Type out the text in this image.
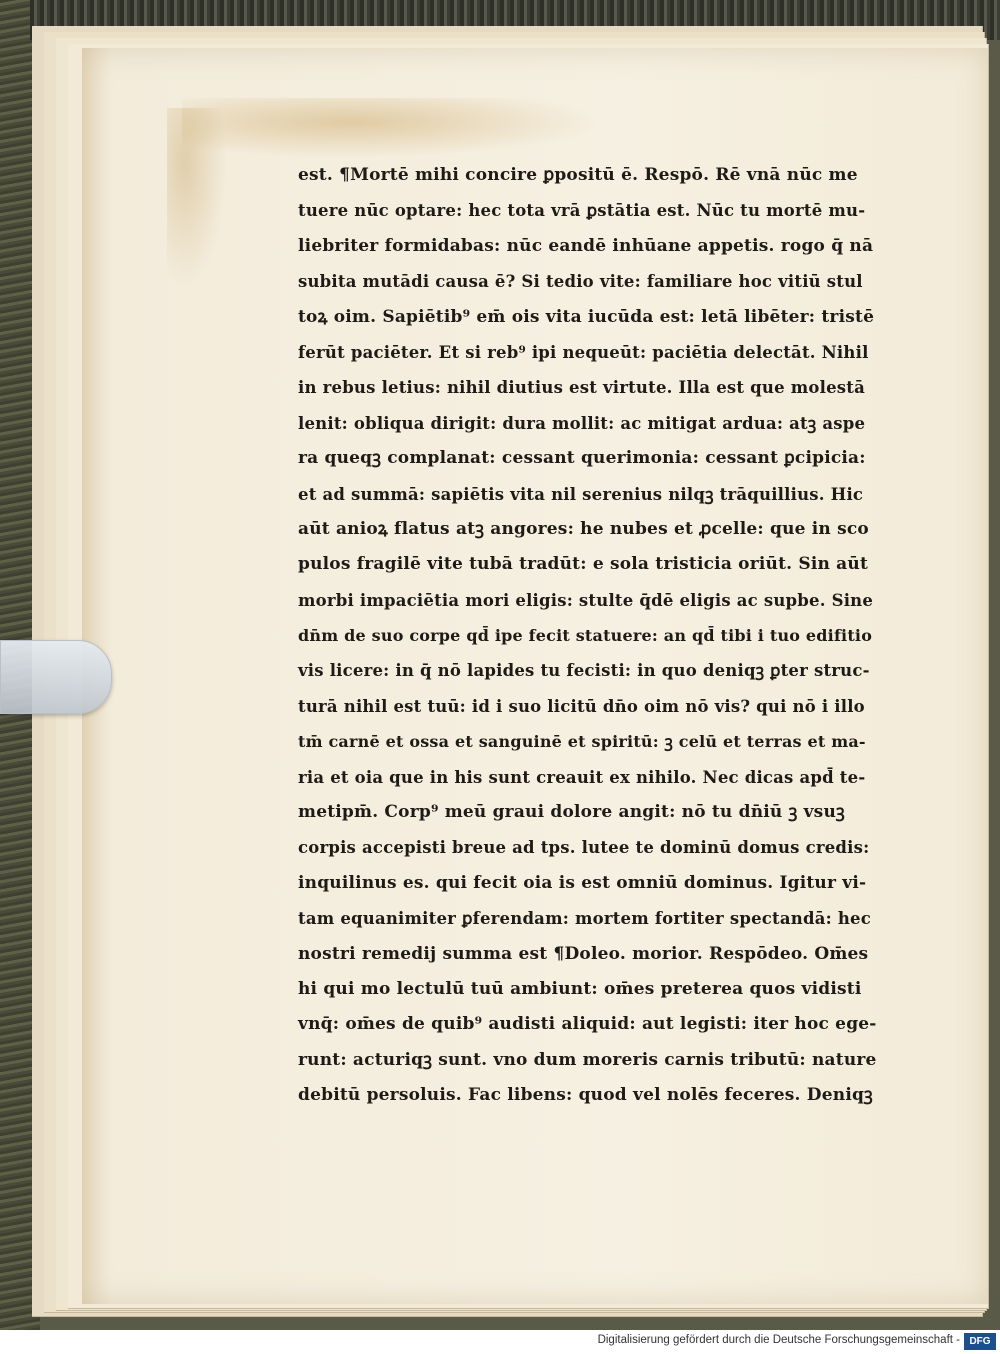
est. ¶Mortē mihi concire ꝑpositū ē. Respō. Rē vnā nūc me
tuere nūc optare: hec tota vrā ꝑstātia est. Nūc tu mortē mu-
liebriter formidabas: nūc eandē inhūane appetis. rogo q̄ nā
subita mutādi causa ē? Si tedio vite: familiare hoc vitiū stul
toꝝ oim. Sapiētib⁹ em̄ ois vita iucūda est: letā libēter: tristē
ferūt paciēter. Et si reb⁹ ipi nequeūt: paciētia delectāt. Nihil
in rebus letius: nihil diutius est virtute. Illa est que molestā
lenit: obliqua dirigit: dura mollit: ac mitigat ardua: atꝫ aspe
ra queqꝫ complanat: cessant querimonia: cessant ꝑcipicia:
et ad summā: sapiētis vita nil serenius nilqꝫ trāquillius. Hic
aūt anioꝝ flatus atꝫ angores: he nubes et ꝓcelle: que in sco
pulos fragilē vite tubā tradūt: e sola tristicia oriūt. Sin aūt
morbi impaciētia mori eligis: stulte q̄dē eligis ac supbe. Sine
dn̄m de suo corpe qd̄ ipe fecit statuere: an qd̄ tibi i tuo edifitio
vis licere: in q̄ nō lapides tu fecisti: in quo deniqꝫ ꝑter struc-
turā nihil est tuū: id i suo licitū dn̄o oim nō vis? qui nō i illo
tm̄ carnē et ossa et sanguinē et spiritū: ꝫ celū et terras et ma-
ria et oia que in his sunt creauit ex nihilo. Nec dicas apd̄ te-
metipm̄. Corp⁹ meū graui dolore angit: nō tu dn̄iū ꝫ vsuꝫ
corpis accepisti breue ad tps. lutee te dominū domus credis:
inquilinus es. qui fecit oia is est omniū dominus. Igitur vi-
tam equanimiter ꝑferendam: mortem fortiter spectandā: hec
nostri remedij summa est ¶Doleo. morior. Respōdeo. Om̄es
hi qui mo lectulū tuū ambiunt: om̄es preterea quos vidisti
vnq̄: om̄es de quib⁹ audisti aliquid: aut legisti: iter hoc ege-
runt: acturiqꝫ sunt. vno dum moreris carnis tributū: nature
debitū persoluis. Fac libens: quod vel nolēs feceres. Deniqꝫ
Digitalisierung gefördert durch die Deutsche Forschungsgemeinschaft - DFG
